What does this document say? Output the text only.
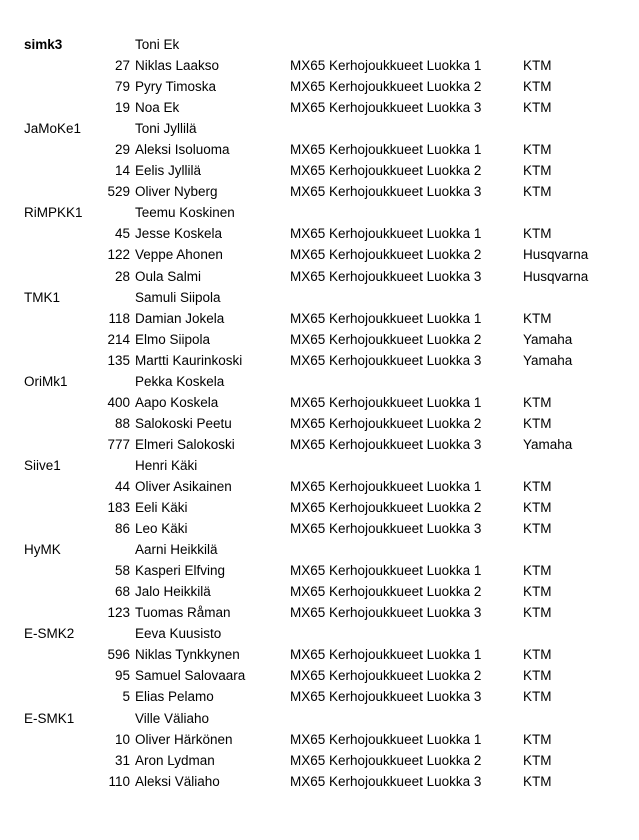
simk3	Toni Ek
27 Niklas Laakso	MX65 Kerhojoukkueet Luokka 1	KTM
79 Pyry Timoska	MX65 Kerhojoukkueet Luokka 2	KTM
19 Noa Ek	MX65 Kerhojoukkueet Luokka 3	KTM
JaMoKe1	Toni Jyllilä
29 Aleksi Isoluoma	MX65 Kerhojoukkueet Luokka 1	KTM
14 Eelis Jyllilä	MX65 Kerhojoukkueet Luokka 2	KTM
529 Oliver Nyberg	MX65 Kerhojoukkueet Luokka 3	KTM
RiMPKK1	Teemu Koskinen
45 Jesse Koskela	MX65 Kerhojoukkueet Luokka 1	KTM
122 Veppe Ahonen	MX65 Kerhojoukkueet Luokka 2	Husqvarna
28 Oula Salmi	MX65 Kerhojoukkueet Luokka 3	Husqvarna
TMK1	Samuli Siipola
118 Damian Jokela	MX65 Kerhojoukkueet Luokka 1	KTM
214 Elmo Siipola	MX65 Kerhojoukkueet Luokka 2	Yamaha
135 Martti Kaurinkoski	MX65 Kerhojoukkueet Luokka 3	Yamaha
OriMk1	Pekka Koskela
400 Aapo Koskela	MX65 Kerhojoukkueet Luokka 1	KTM
88 Salokoski Peetu	MX65 Kerhojoukkueet Luokka 2	KTM
777 Elmeri Salokoski	MX65 Kerhojoukkueet Luokka 3	Yamaha
Siive1	Henri Käki
44 Oliver Asikainen	MX65 Kerhojoukkueet Luokka 1	KTM
183 Eeli Käki	MX65 Kerhojoukkueet Luokka 2	KTM
86 Leo Käki	MX65 Kerhojoukkueet Luokka 3	KTM
HyMK	Aarni Heikkilä
58 Kasperi Elfving	MX65 Kerhojoukkueet Luokka 1	KTM
68 Jalo Heikkilä	MX65 Kerhojoukkueet Luokka 2	KTM
123 Tuomas Råman	MX65 Kerhojoukkueet Luokka 3	KTM
E-SMK2	Eeva Kuusisto
596 Niklas Tynkkynen	MX65 Kerhojoukkueet Luokka 1	KTM
95 Samuel Salovaara	MX65 Kerhojoukkueet Luokka 2	KTM
5 Elias Pelamo	MX65 Kerhojoukkueet Luokka 3	KTM
E-SMK1	Ville Väliaho
10 Oliver Härkönen	MX65 Kerhojoukkueet Luokka 1	KTM
31 Aron Lydman	MX65 Kerhojoukkueet Luokka 2	KTM
110 Aleksi Väliaho	MX65 Kerhojoukkueet Luokka 3	KTM
